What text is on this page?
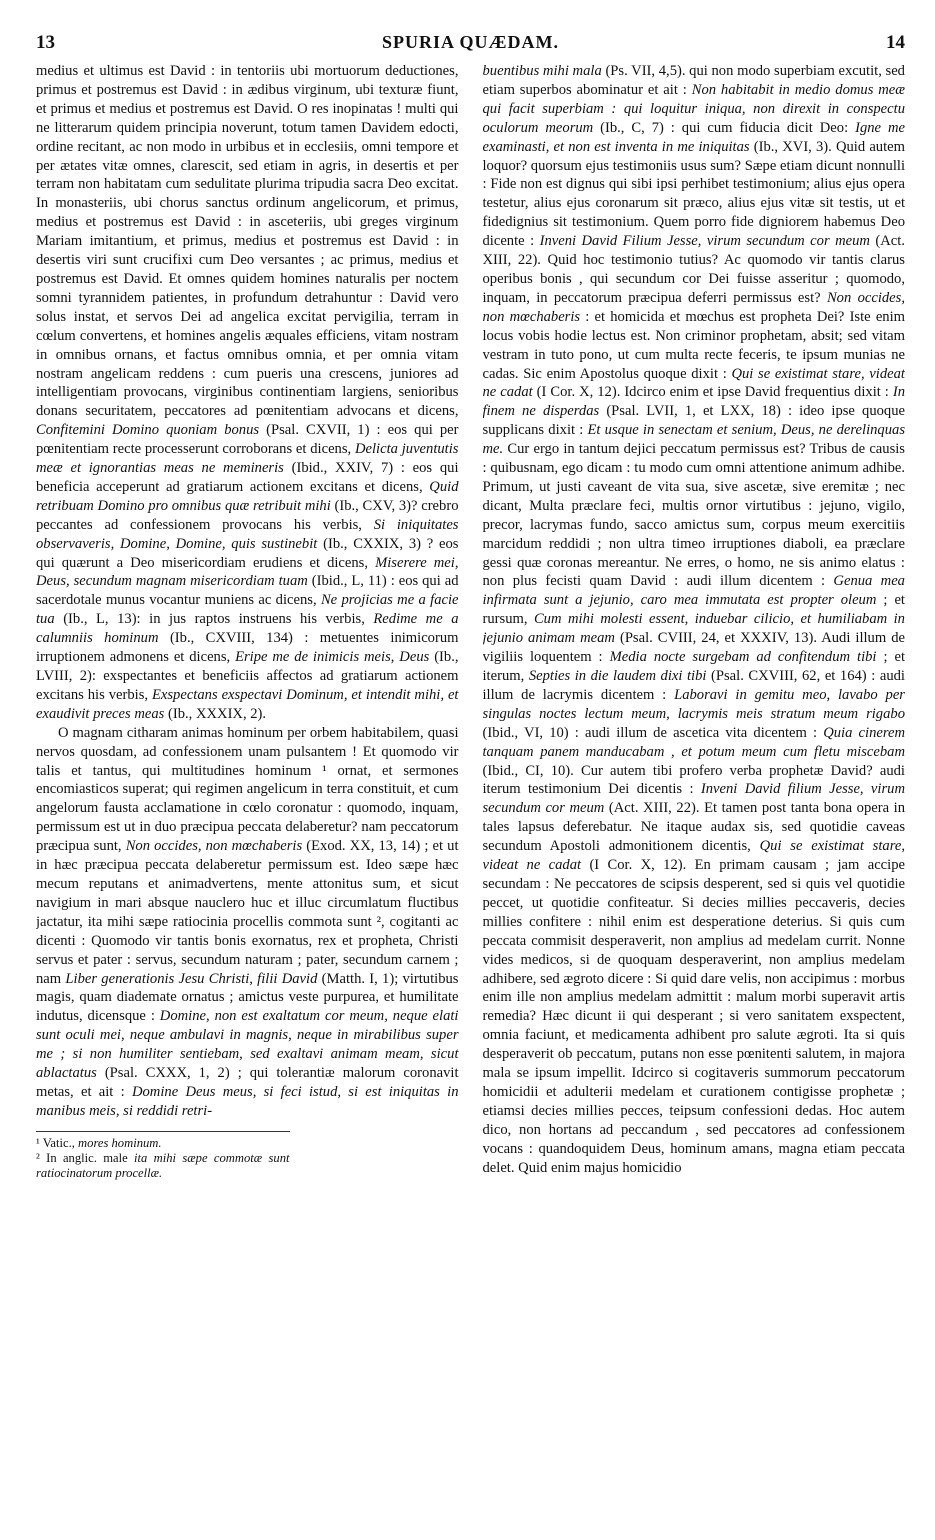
13	SPURIA QUÆDAM.	14

medius et ultimus est David : in tentoriis ubi mortuorum deductiones, primus et postremus est David : in ædibus virginum, ubi texturæ fiunt, et primus et medius et postremus est David. O res inopinatas ! multi qui ne litterarum quidem principia noverunt, totum tamen Davidem edocti, ordine recitant, ac non modo in urbibus et in ecclesiis, omni tempore et per ætates vitæ omnes, clarescit, sed etiam in agris, in desertis et per terram non habitatam cum sedulitate plurima tripudia sacra Deo excitat. In monasteriis, ubi chorus sanctus ordinum angelicorum, et primus, medius et postremus est David : in asceteriis, ubi greges virginum Mariam imitantium, et primus, medius et postremus est David : in desertis viri sunt crucifixi cum Deo versantes ; ac primus, medius et postremus est David. Et omnes quidem homines naturalis per noctem somni tyrannidem patientes, in profundum detrahuntur : David vero solus instat, et servos Dei ad angelica excitat pervigilia, terram in cœlum convertens, et homines angelis æquales efficiens, vitam nostram in omnibus ornans, et factus omnibus omnia, et per omnia vitam nostram angelicam reddens : cum pueris una crescens, juniores ad intelligentiam provocans, virginibus continentiam largiens, senioribus donans securitatem, peccatores ad pœnitentiam advocans et dicens, Confitemini Domino quoniam bonus (Psal. CXVII, 1) : eos qui per pœnitentiam recte processerunt corroborans et dicens, Delicta juventutis meæ et ignorantias meas ne memineris (Ibid., XXIV, 7) : eos qui beneficia acceperunt ad gratiarum actionem excitans et dicens, Quid retribuam Domino pro omnibus quæ retribuit mihi (Ib., CXV, 3)? crebro peccantes ad confessionem provocans his verbis, Si iniquitates observaveris, Domine, Domine, quis sustinebit (Ib., CXXIX, 3) ? eos qui quærunt a Deo misericordiam erudiens et dicens, Miserere mei, Deus, secundum magnam misericordiam tuam (Ibid., L, 11) : eos qui ad sacerdotale munus vocantur muniens ac dicens, Ne projicias me a facie tua (Ib., L, 13): in jus raptos instruens his verbis, Redime me a calumniis hominum (Ib., CXVIII, 134) : metuentes inimicorum irruptionem admonens et dicens, Eripe me de inimicis meis, Deus (Ib., LVIII, 2): exspectantes et beneficiis affectos ad gratiarum actionem excitans his verbis, Exspectans exspectavi Dominum, et intendit mihi, et exaudivit preces meas (Ib., XXXIX, 2).

O magnam citharam animas hominum per orbem habitabilem, quasi nervos quosdam, ad confessionem unam pulsantem ! Et quomodo vir talis et tantus, qui multitudines hominum ¹ ornat, et sermones encomiasticos superat; qui regimen angelicum in terra constituit, et cum angelorum fausta acclamatione in cœlo coronatur : quomodo, inquam, permissum est ut in duo præcipua peccata delaberetur? nam peccatorum præcipua sunt, Non occides, non mœchaberis (Exod. XX, 13, 14) ; et ut in hæc præcipua peccata delaberetur permissum est. Ideo sæpe hæc mecum reputans et animadvertens, mente attonitus sum, et sicut navigium in mari absque nauclero huc et illuc circumlatum fluctibus jactatur, ita mihi sæpe ratiocinia procellis commota sunt ², cogitanti ac dicenti : Quomodo vir tantis bonis exornatus, rex et propheta, Christi servus et pater : servus, secundum naturam ; pater, secundum carnem ; nam Liber generationis Jesu Christi, filii David (Matth. I, 1); virtutibus magis, quam diademate ornatus ; amictus veste purpurea, et humilitate indutus, dicensque : Domine, non est exaltatum cor meum, neque elati sunt oculi mei, neque ambulavi in magnis, neque in mirabilibus super me ; si non humiliter sentiebam, sed exaltavi animam meam, sicut ablactatus (Psal. CXXX, 1, 2) ; qui tolerantiæ malorum coronavit metas, et ait : Domine Deus meus, si feci istud, si est iniquitas in manibus meis, si reddidi retri-

¹ Vatic., mores hominum.

² In anglic. male ita mihi sæpe commotæ sunt ratiocinatorum procellæ.

buentibus mihi mala (Ps. VII, 4,5). qui non modo superbiam excutit, sed etiam superbos abominatur et ait : Non habitabit in medio domus meæ qui facit superbiam : qui loquitur iniqua, non direxit in conspectu oculorum meorum (Ib., C, 7) : qui cum fiducia dicit Deo: Igne me examinasti, et non est inventa in me iniquitas (Ib., XVI, 3). Quid autem loquor? quorsum ejus testimoniis usus sum? Sæpe etiam dicunt nonnulli : Fide non est dignus qui sibi ipsi perhibet testimonium; alius ejus opera testetur, alius ejus coronarum sit præco, alius ejus vitæ sit testis, ut et fidedignius sit testimonium. Quem porro fide digniorem habemus Deo dicente : Inveni David Filium Jesse, virum secundum cor meum (Act. XIII, 22). Quid hoc testimonio tutius? Ac quomodo vir tantis clarus operibus bonis , qui secundum cor Dei fuisse asseritur ; quomodo, inquam, in peccatorum præcipua deferri permissus est? Non occides, non mœchaberis : et homicida et mœchus est propheta Dei? Iste enim locus vobis hodie lectus est. Non criminor prophetam, absit; sed vitam vestram in tuto pono, ut cum multa recte feceris, te ipsum munias ne cadas. Sic enim Apostolus quoque dixit : Qui se existimat stare, videat ne cadat (I Cor. X, 12). Idcirco enim et ipse David frequentius dixit : In finem ne disperdas (Psal. LVII, 1, et LXX, 18) : ideo ipse quoque supplicans dixit : Et usque in senectam et senium, Deus, ne derelinquas me. Cur ergo in tantum dejici peccatum permissus est? Tribus de causis : quibusnam, ego dicam : tu modo cum omni attentione animum adhibe. Primum, ut justi caveant de vita sua, sive ascetæ, sive eremitæ ; nec dicant, Multa præclare feci, multis ornor virtutibus : jejuno, vigilo, precor, lacrymas fundo, sacco amictus sum, corpus meum exercitiis marcidum reddidi ; non ultra timeo irruptiones diaboli, ea præclare gessi quæ coronas mereantur. Ne erres, o homo, ne sis animo elatus : non plus fecisti quam David : audi illum dicentem : Genua mea infirmata sunt a jejunio, caro mea immutata est propter oleum ; et rursum, Cum mihi molesti essent, induebar cilicio, et humiliabam in jejunio animam meam (Psal. CVIII, 24, et XXXIV, 13). Audi illum de vigiliis loquentem : Media nocte surgebam ad confitendum tibi ; et iterum, Septies in die laudem dixi tibi (Psal. CXVIII, 62, et 164) : audi illum de lacrymis dicentem : Laboravi in gemitu meo, lavabo per singulas noctes lectum meum, lacrymis meis stratum meum rigabo (Ibid., VI, 10) : audi illum de ascetica vita dicentem : Quia cinerem tanquam panem manducabam , et potum meum cum fletu miscebam (Ibid., CI, 10). Cur autem tibi profero verba prophetæ David? audi iterum testimonium Dei dicentis : Inveni David filium Jesse, virum secundum cor meum (Act. XIII, 22). Et tamen post tanta bona opera in tales lapsus deferebatur. Ne itaque audax sis, sed quotidie caveas secundum Apostoli admonitionem dicentis, Qui se existimat stare, videat ne cadat (I Cor. X, 12). En primam causam ; jam accipe secundam : Ne peccatores de scipsis desperent, sed si quis vel quotidie peccet, ut quotidie confiteatur. Si decies millies peccaveris, decies millies confitere : nihil enim est desperatione deterius. Si quis cum peccata commisit desperaverit, non amplius ad medelam currit. Nonne vides medicos, si de quoquam desperaverint, non amplius medelam adhibere, sed ægroto dicere : Si quid dare velis, non accipimus : morbus enim ille non amplius medelam admittit : malum morbi superavit artis remedia? Hæc dicunt ii qui desperant ; si vero sanitatem exspectent, omnia faciunt, et medicamenta adhibent pro salute ægroti. Ita si quis desperaverit ob peccatum, putans non esse pœnitenti salutem, in majora mala se ipsum impellit. Idcirco si cogitaveris summorum peccatorum homicidii et adulterii medelam et curationem contigisse prophetæ ; etiamsi decies millies pecces, teipsum confessioni dedas. Hoc autem dico, non hortans ad peccandum , sed peccatores ad confessionem vocans : quandoquidem Deus, hominum amans, magna etiam peccata delet. Quid enim majus homicidio
